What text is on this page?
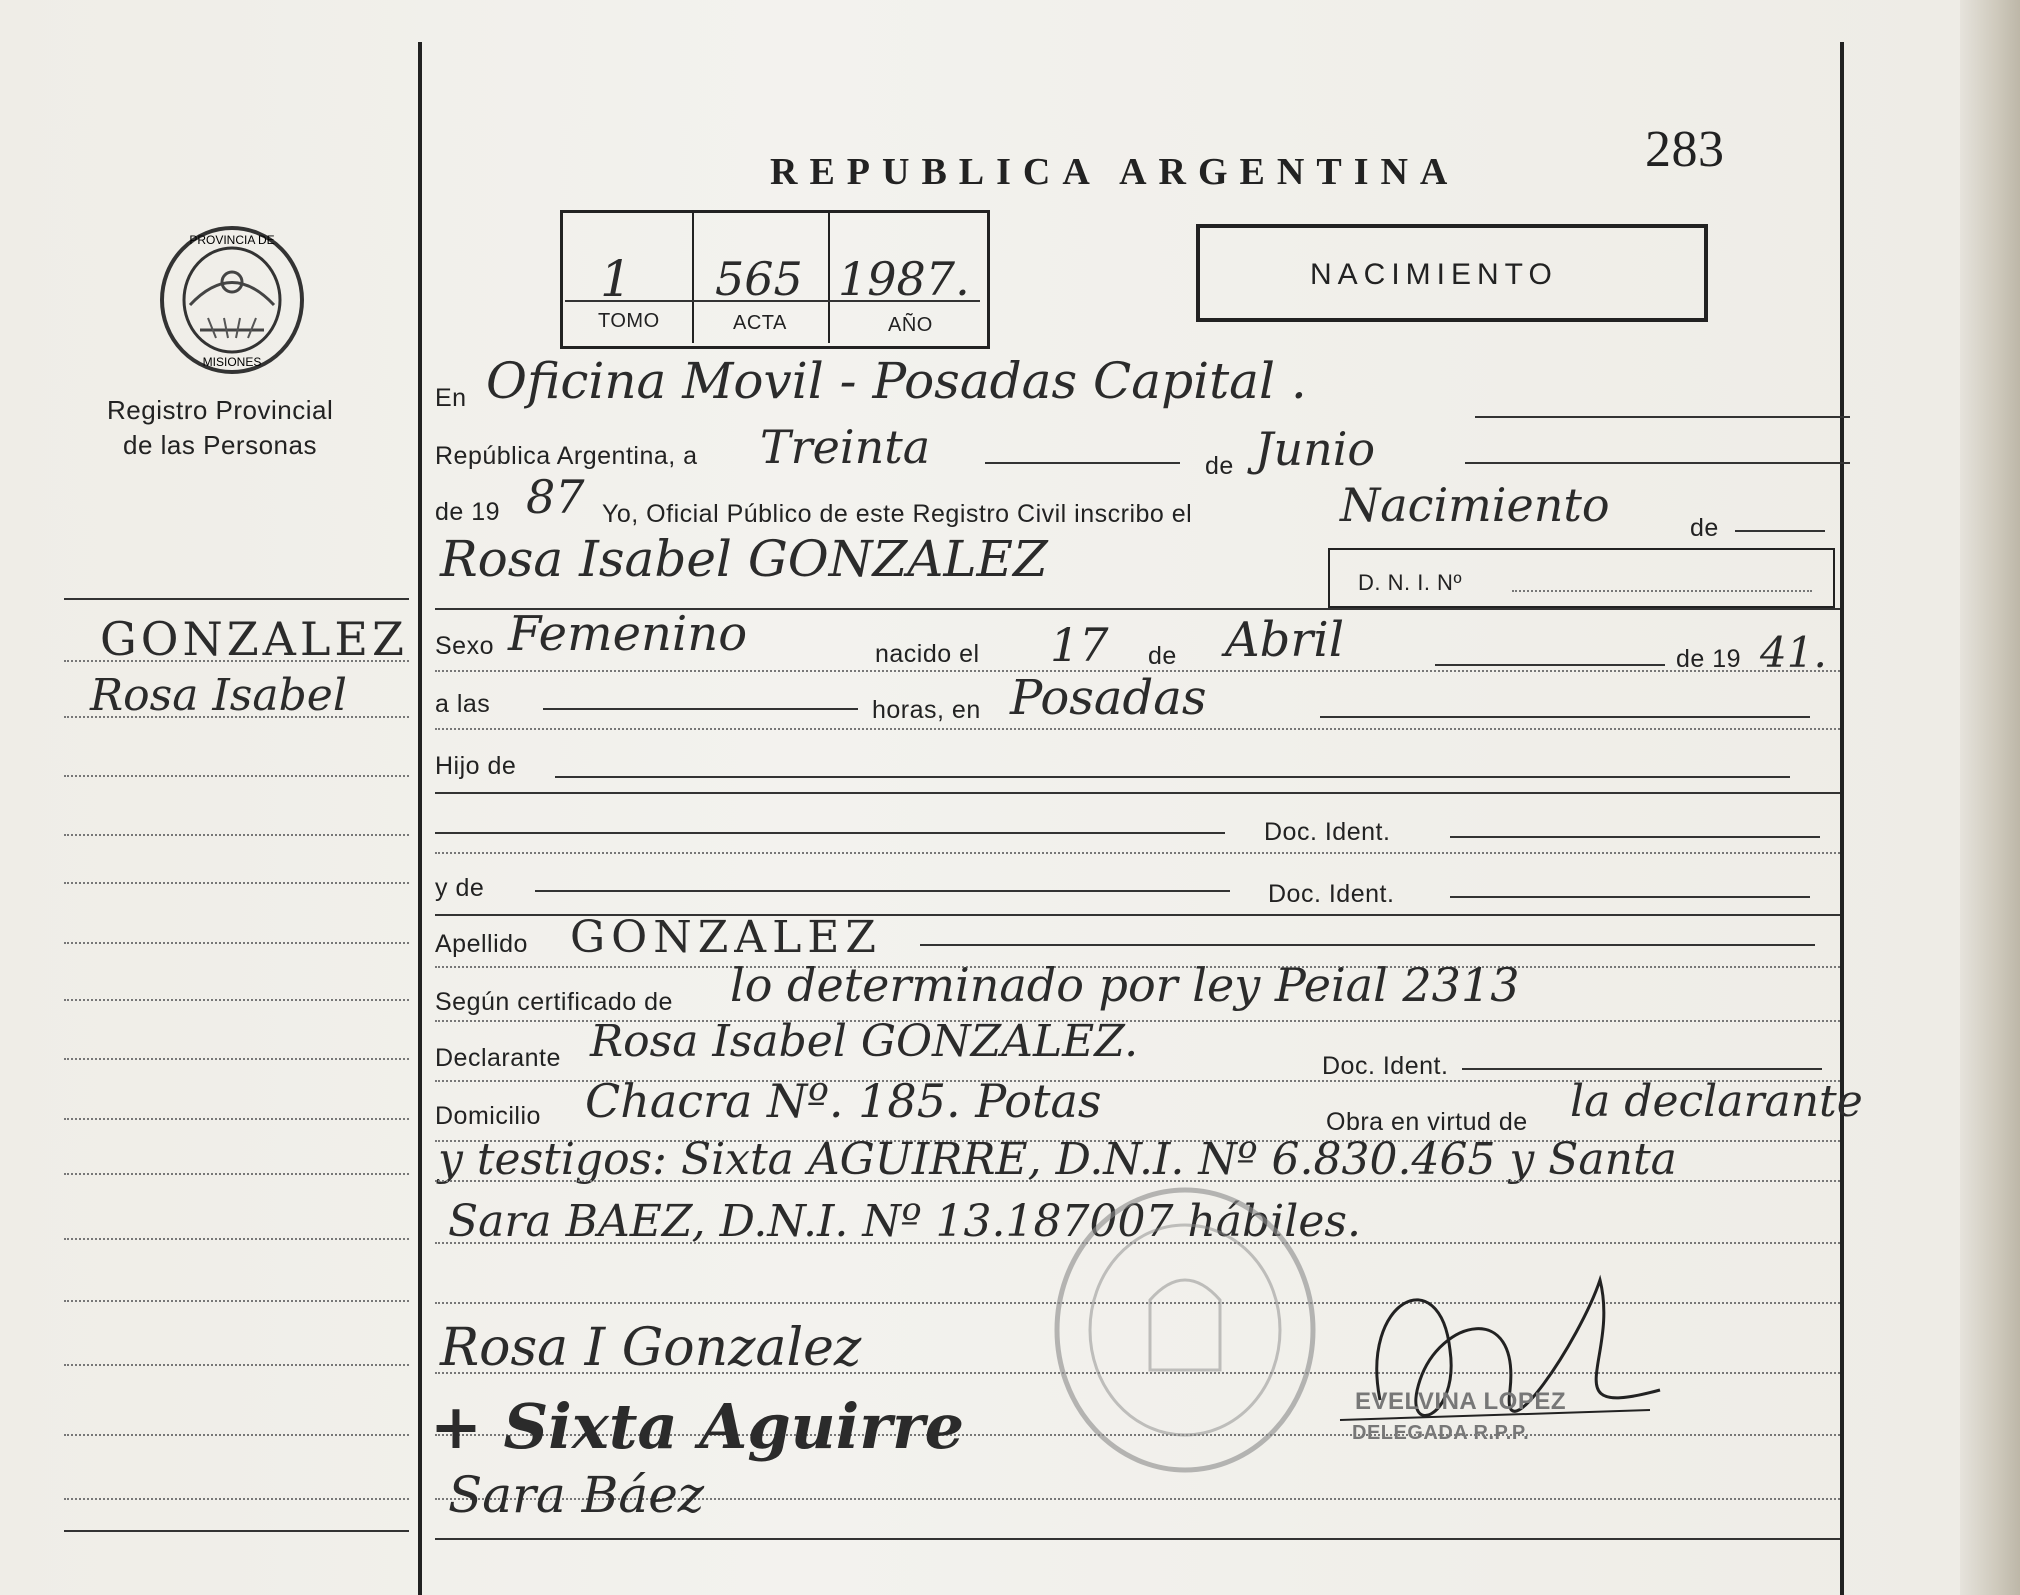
REPUBLICA ARGENTINA	283
PROVINCIA DE
MISIONES
Registro Provincial
de las Personas
1 565 1987.
TOMO	ACTA	AÑO
NACIMIENTO
GONZALEZ
Rosa Isabel
En Oficina Movil - Posadas Capital .
República Argentina, a Treinta	de Junio
de 19 87 Yo, Oficial Público de este Registro Civil inscribo el	Nacimiento	de
Rosa Isabel GONZALEZ	D. N. I. Nº
Sexo Femenino	nacido el 17 de Abril	de 19 41.
a las	horas, en Posadas
Hijo de
Doc. Ident.
y de	Doc. Ident.
Apellido GONZALEZ
Según certificado de lo determinado por ley Peial 2313
Declarante Rosa Isabel GONZALEZ.	Doc. Ident.
Domicilio Chacra Nº. 185. Potas	Obra en virtud de la declarante
y testigos: Sixta AGUIRRE, D.N.I. Nº 6.830.465 y Santa
Sara BAEZ, D.N.I. Nº 13.187007 hábiles.
Rosa I Gonzalez
+ Sixta Aguirre
Sara Báez
EVELVINA LOPEZ
DELEGADA R.P.P.
